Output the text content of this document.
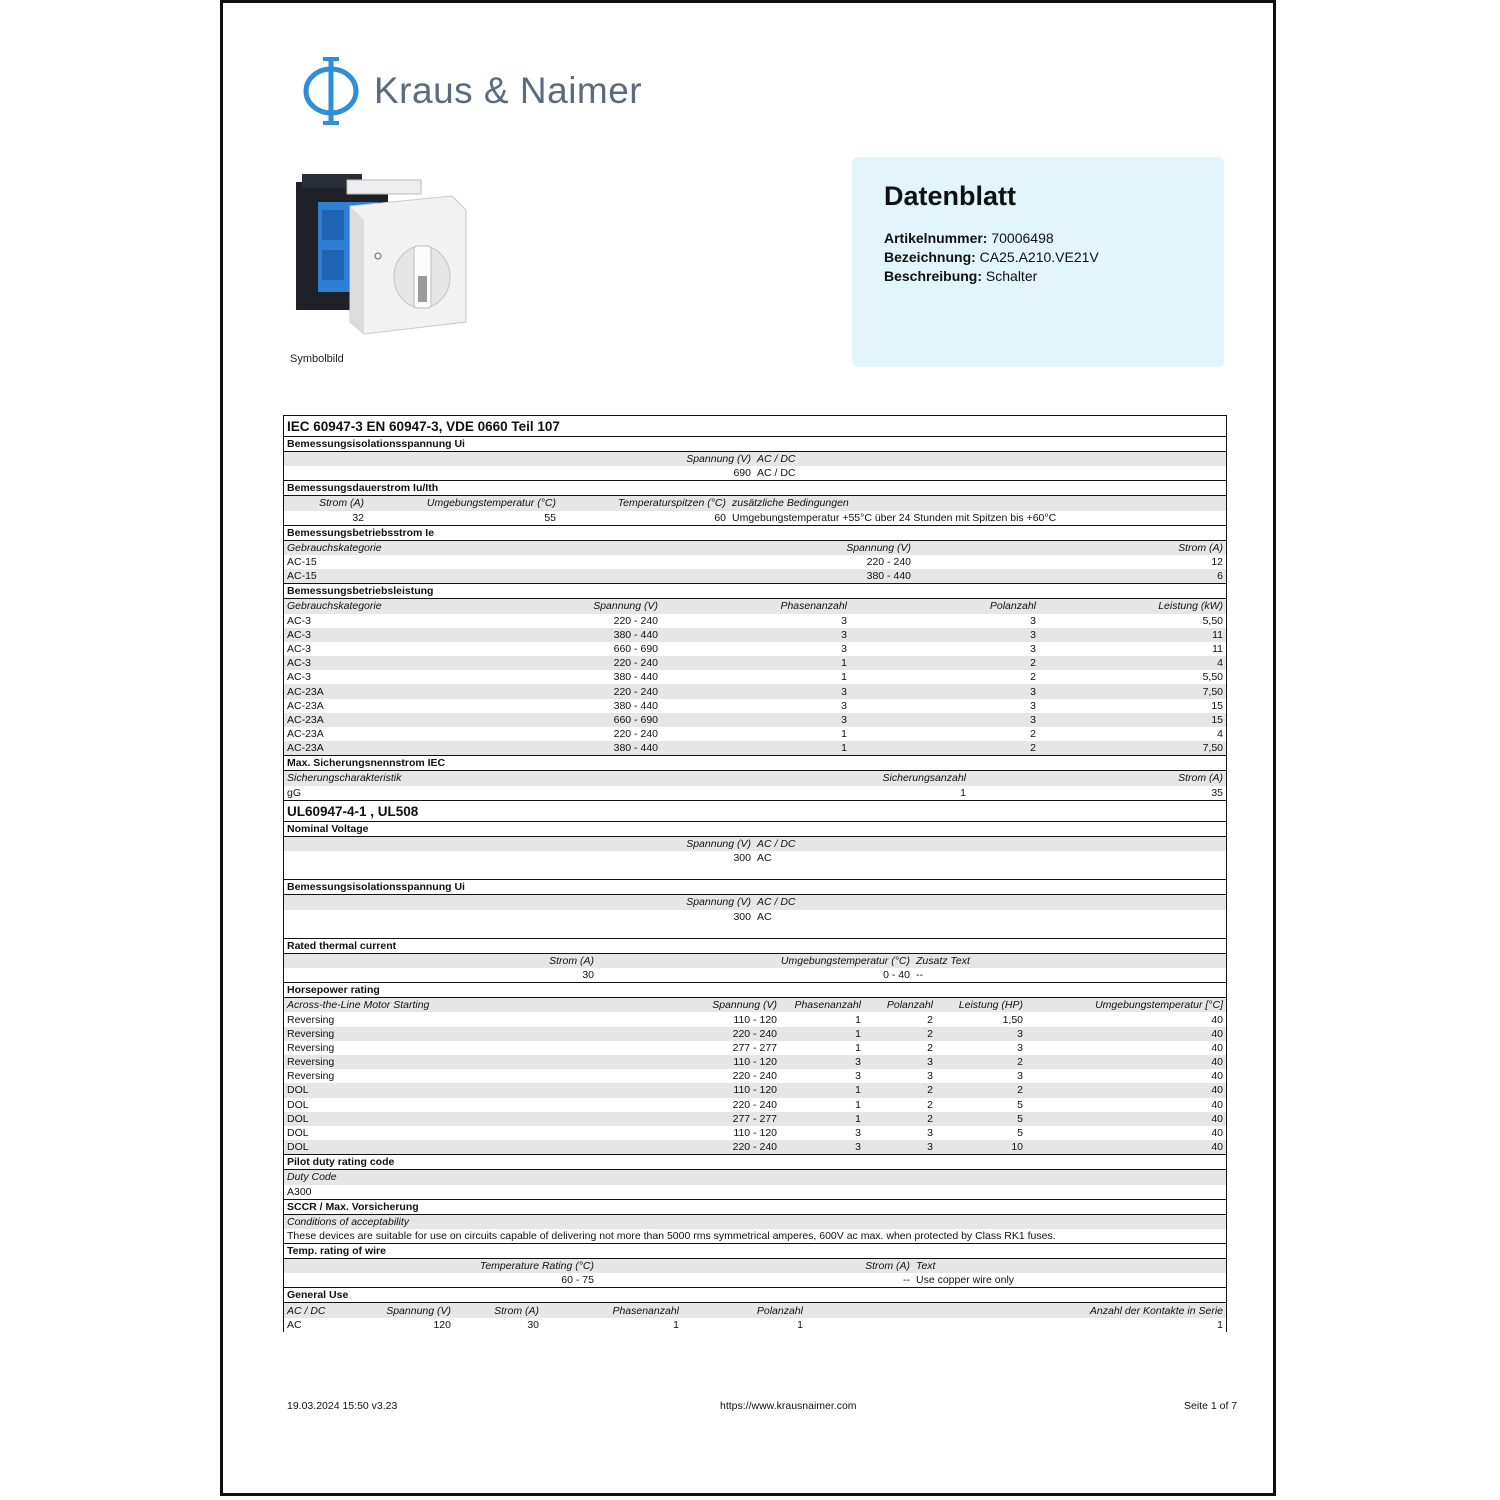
Kraus & Naimer
Symbolbild
Datenblatt
Artikelnummer: 70006498
Bezeichnung: CA25.A210.VE21V
Beschreibung: Schalter
IEC 60947-3 EN 60947-3, VDE 0660 Teil 107
Bemessungsisolationsspannung Ui
Spannung (V)	AC / DC
690	AC / DC
Bemessungsdauerstrom Iu/Ith
Strom (A)	Umgebungstemperatur (°C)	Temperaturspitzen (°C)	zusätzliche Bedingungen
32	55	60	Umgebungstemperatur +55°C über 24 Stunden mit Spitzen bis +60°C
Bemessungsbetriebsstrom Ie
Gebrauchskategorie	Spannung (V)	Strom (A)
AC-15	220 - 240	12
AC-15	380 - 440	6
Bemessungsbetriebsleistung
Gebrauchskategorie	Spannung (V)	Phasenanzahl	Polanzahl	Leistung (kW)
AC-3	220 - 240	3	3	5,50
AC-3	380 - 440	3	3	11
AC-3	660 - 690	3	3	11
AC-3	220 - 240	1	2	4
AC-3	380 - 440	1	2	5,50
AC-23A	220 - 240	3	3	7,50
AC-23A	380 - 440	3	3	15
AC-23A	660 - 690	3	3	15
AC-23A	220 - 240	1	2	4
AC-23A	380 - 440	1	2	7,50
Max. Sicherungsnennstrom IEC
Sicherungscharakteristik	Sicherungsanzahl	Strom (A)
gG	1	35
UL60947-4-1 , UL508
Nominal Voltage
Spannung (V)	AC / DC
300	AC

Bemessungsisolationsspannung Ui
Spannung (V)	AC / DC
300	AC

Rated thermal current
Strom (A)	Umgebungstemperatur (°C)	Zusatz Text
30	0 - 40	--
Horsepower rating
Across-the-Line Motor Starting	Spannung (V)	Phasenanzahl	Polanzahl	Leistung (HP)	Umgebungstemperatur [°C]
Reversing	110 - 120	1	2	1,50	40
Reversing	220 - 240	1	2	3	40
Reversing	277 - 277	1	2	3	40
Reversing	110 - 120	3	3	2	40
Reversing	220 - 240	3	3	3	40
DOL	110 - 120	1	2	2	40
DOL	220 - 240	1	2	5	40
DOL	277 - 277	1	2	5	40
DOL	110 - 120	3	3	5	40
DOL	220 - 240	3	3	10	40
Pilot duty rating code
Duty Code
A300
SCCR / Max. Vorsicherung
Conditions of acceptability
These devices are suitable for use on circuits capable of delivering not more than 5000 rms symmetrical amperes, 600V ac max. when protected by Class RK1 fuses.
Temp. rating of wire
Temperature Rating (°C)	Strom (A)	Text
60 - 75	--	Use copper wire only
General Use
AC / DC	Spannung (V)	Strom (A)	Phasenanzahl	Polanzahl	Anzahl der Kontakte in Serie
AC	120	30	1	1	1
19.03.2024 15:50 v3.23	https://www.krausnaimer.com	Seite 1 of 7
